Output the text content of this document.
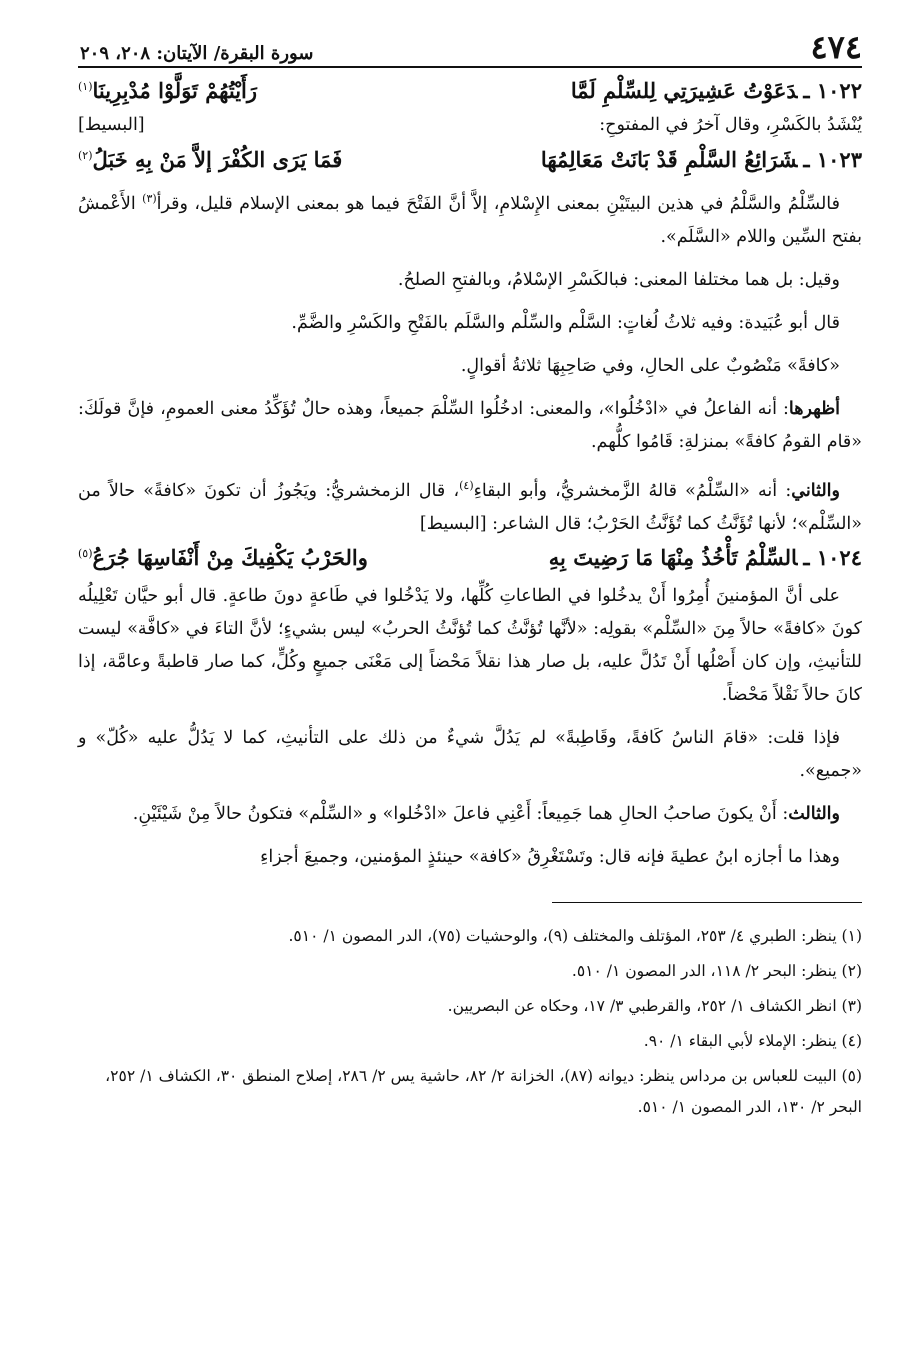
٤٧٤
سورة البقرة/ الآيتان: ٢٠٨، ٢٠٩
١٠٢٢ ـدَعَوْتُ عَشِيرَتِي لِلسِّلْمِ لَمَّا
رَأَيْتُهُمْ تَوَلَّوْا مُدْبِرِينَا$^{(١)}$
يُنْشَدُ بالكَسْرِ، وقال آخرُ في المفتوحِ:
[البسيط]
١٠٢٣ ـشَرَائِعُ السَّلْمِ قَدْ بَانَتْ مَعَالِمُهَا
فَمَا يَرَى الكُفْرَ إلاَّ مَنْ بِهِ خَبَلُ$^{(٢)}$

فالسِّلْمُ والسَّلْمُ في هذين البيتَيْنِ بمعنى الإِسْلامِ، إلاَّ أنَّ الفَتْحَ فيما هو بمعنى الإسلام قليل، وقرأ$^{(٣)}$ الأَعْمشُ بفتح السِّين واللام «السَّلَم».

وقيل: بل هما مختلفا المعنى: فبالكَسْرِ الإسْلامُ، وبالفتحِ الصلحُ.

قال أبو عُبَيدة: وفيه ثلاثُ لُغاتٍ: السَّلْم والسِّلْم والسَّلَم بالفَتْحِ والكَسْرِ والضَّمِّ.

«كافةً» مَنْصُوبٌ على الحالِ، وفي صَاحِبِهَا ثلاثةُ أقوالٍ.

أظهرها: أنه الفاعلُ في «ادْخُلُوا»، والمعنى: ادخُلُوا السِّلْمَ جميعاً، وهذه حالٌ تُؤَكِّدُ معنى العمومِ، فإنَّ قولَكَ: «قام القومُ كافةً» بمنزلةِ: قَامُوا كلُّهم.

والثاني: أنه «السِّلْمُ» قالهُ الزَّمخشريُّ، وأبو البقاءِ$^{(٤)}$، قال الزمخشريُّ: ويَجُوزُ أن تكونَ «كافةً» حالاً من «السِّلْم»؛ لأنها تُؤَنَّثُ كما تُؤَنَّثُ الحَرْبُ؛ قال الشاعر: [البسيط]

١٠٢٤ ـالسِّلْمُ تَأْخُذُ مِنْهَا مَا رَضِيتَ بِهِ
والحَرْبُ يَكْفِيكَ مِنْ أَنْفَاسِهَا جُرَعُ$^{(٥)}$

على أنَّ المؤمنينَ أُمِرُوا أَنْ يدخُلوا في الطاعاتِ كُلِّها، ولا يَدْخُلوا في طَاعةٍ دونَ طاعةٍ. قال أبو حيَّان تَعْلِيلُه كونَ «كافةً» حالاً مِنَ «السِّلْم» بقولِه: «لأنَّها تُؤنَّثُ كما تُؤنَّثُ الحربُ» ليس بشيءٍ؛ لأنَّ التاءَ في «كافَّة» ليست للتأنيثِ، وإن كان أَصْلُها أَنْ تَدُلَّ عليه، بل صار هذا نقلاً مَحْضاً إلى مَعْنَى جميعٍ وكُلٍّ، كما صار قاطبةً وعامَّة، إذا كانَ حالاً نَقْلاً مَحْضاً.

فإذا قلت: «قامَ الناسُ كَافةً، وقَاطِبةً» لم يَدُلَّ شيءٌ من ذلك على التأنيثِ، كما لا يَدُلُّ عليه «كُلّ» و «جميع».

والثالث: أَنْ يكونَ صاحبُ الحالِ هما جَمِيعاً: أَعْنِي فاعلَ «ادْخُلوا» و «السِّلْم» فتكونُ حالاً مِنْ شَيْئَيْنِ.

وهذا ما أجازه ابنُ عطيةَ فإنه قال: وتَسْتَغْرِقُ «كافة» حينئذٍ المؤمنين، وجميعَ أجزاءِ

(١) ينظر: الطبري ٤/ ٢٥٣، المؤتلف والمختلف (٩)، والوحشيات (٧٥)، الدر المصون ١/ ٥١٠.

(٢) ينظر: البحر ٢/ ١١٨، الدر المصون ١/ ٥١٠.

(٣) انظر الكشاف ١/ ٢٥٢، والقرطبي ٣/ ١٧، وحكاه عن البصريين.

(٤) ينظر: الإملاء لأبي البقاء ١/ ٩٠.

(٥) البيت للعباس بن مرداس ينظر: ديوانه (٨٧)، الخزانة ٢/ ٨٢، حاشية يس ٢/ ٢٨٦، إصلاح المنطق ٣٠، الكشاف ١/ ٢٥٢، البحر ٢/ ١٣٠، الدر المصون ١/ ٥١٠.
